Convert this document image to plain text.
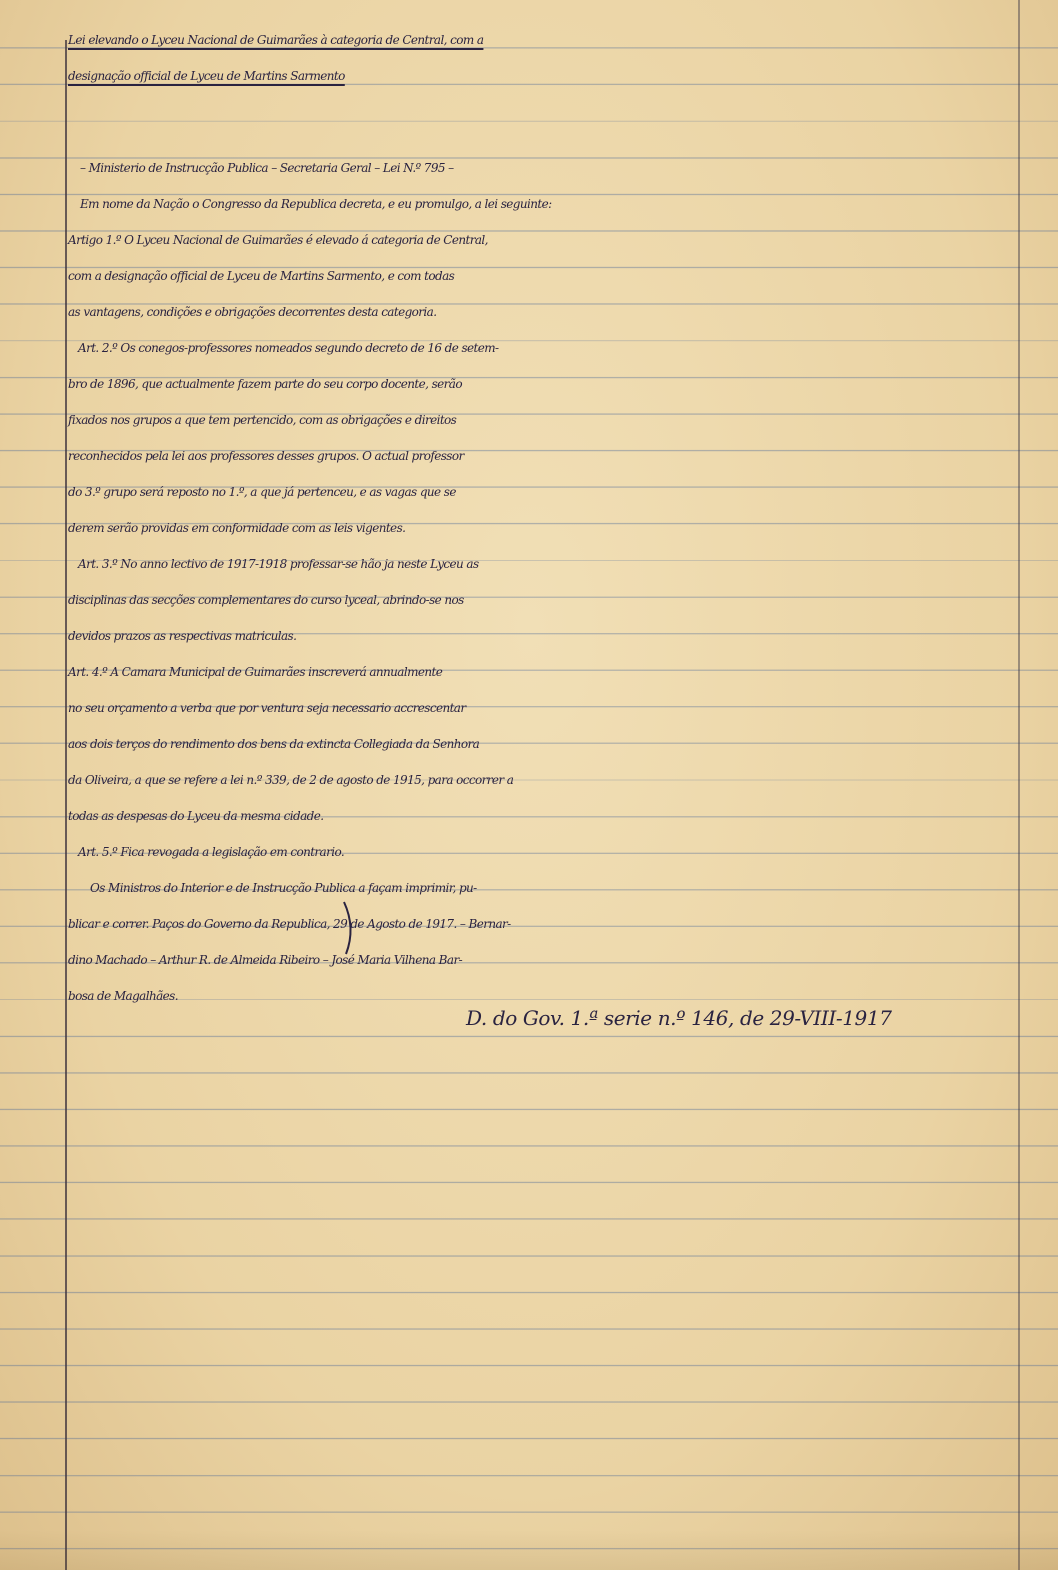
Lei elevando o Lyceu Nacional de Guimarães à categoria de Central, com a
designação official de Lyceu de Martins Sarmento
– Ministerio de Instrucção Publica – Secretaria Geral – Lei N.º 795 –
Em nome da Nação o Congresso da Republica decreta, e eu promulgo, a lei seguinte:
Artigo 1.º O Lyceu Nacional de Guimarães é elevado á categoria de Central,
com a designação official de Lyceu de Martins Sarmento, e com todas
as vantagens, condições e obrigações decorrentes desta categoria.
Art. 2.º Os conegos-professores nomeados segundo decreto de 16 de setem-
bro de 1896, que actualmente fazem parte do seu corpo docente, serão
fixados nos grupos a que tem pertencido, com as obrigações e direitos
reconhecidos pela lei aos professores desses grupos. O actual professor
do 3.º grupo será reposto no 1.º, a que já pertenceu, e as vagas que se
derem serão providas em conformidade com as leis vigentes.
Art. 3.º No anno lectivo de 1917-1918 professar-se hão ja neste Lyceu as
disciplinas das secções complementares do curso lyceal, abrindo-se nos
devidos prazos as respectivas matriculas.
Art. 4.º A Camara Municipal de Guimarães inscreverá annualmente
no seu orçamento a verba que por ventura seja necessario accrescentar
aos dois terços do rendimento dos bens da extincta Collegiada da Senhora
da Oliveira, a que se refere a lei n.º 339, de 2 de agosto de 1915, para occorrer a
todas as despesas do Lyceu da mesma cidade.
Art. 5.º Fica revogada a legislação em contrario.
Os Ministros do Interior e de Instrucção Publica a façam imprimir, pu-
blicar e correr. Paços do Governo da Republica, 29 de Agosto de 1917. – Bernar-
dino Machado – Arthur R. de Almeida Ribeiro – José Maria Vilhena Bar-
bosa de Magalhães.
D. do Gov. 1.ª serie n.º 146, de 29-VIII-1917
